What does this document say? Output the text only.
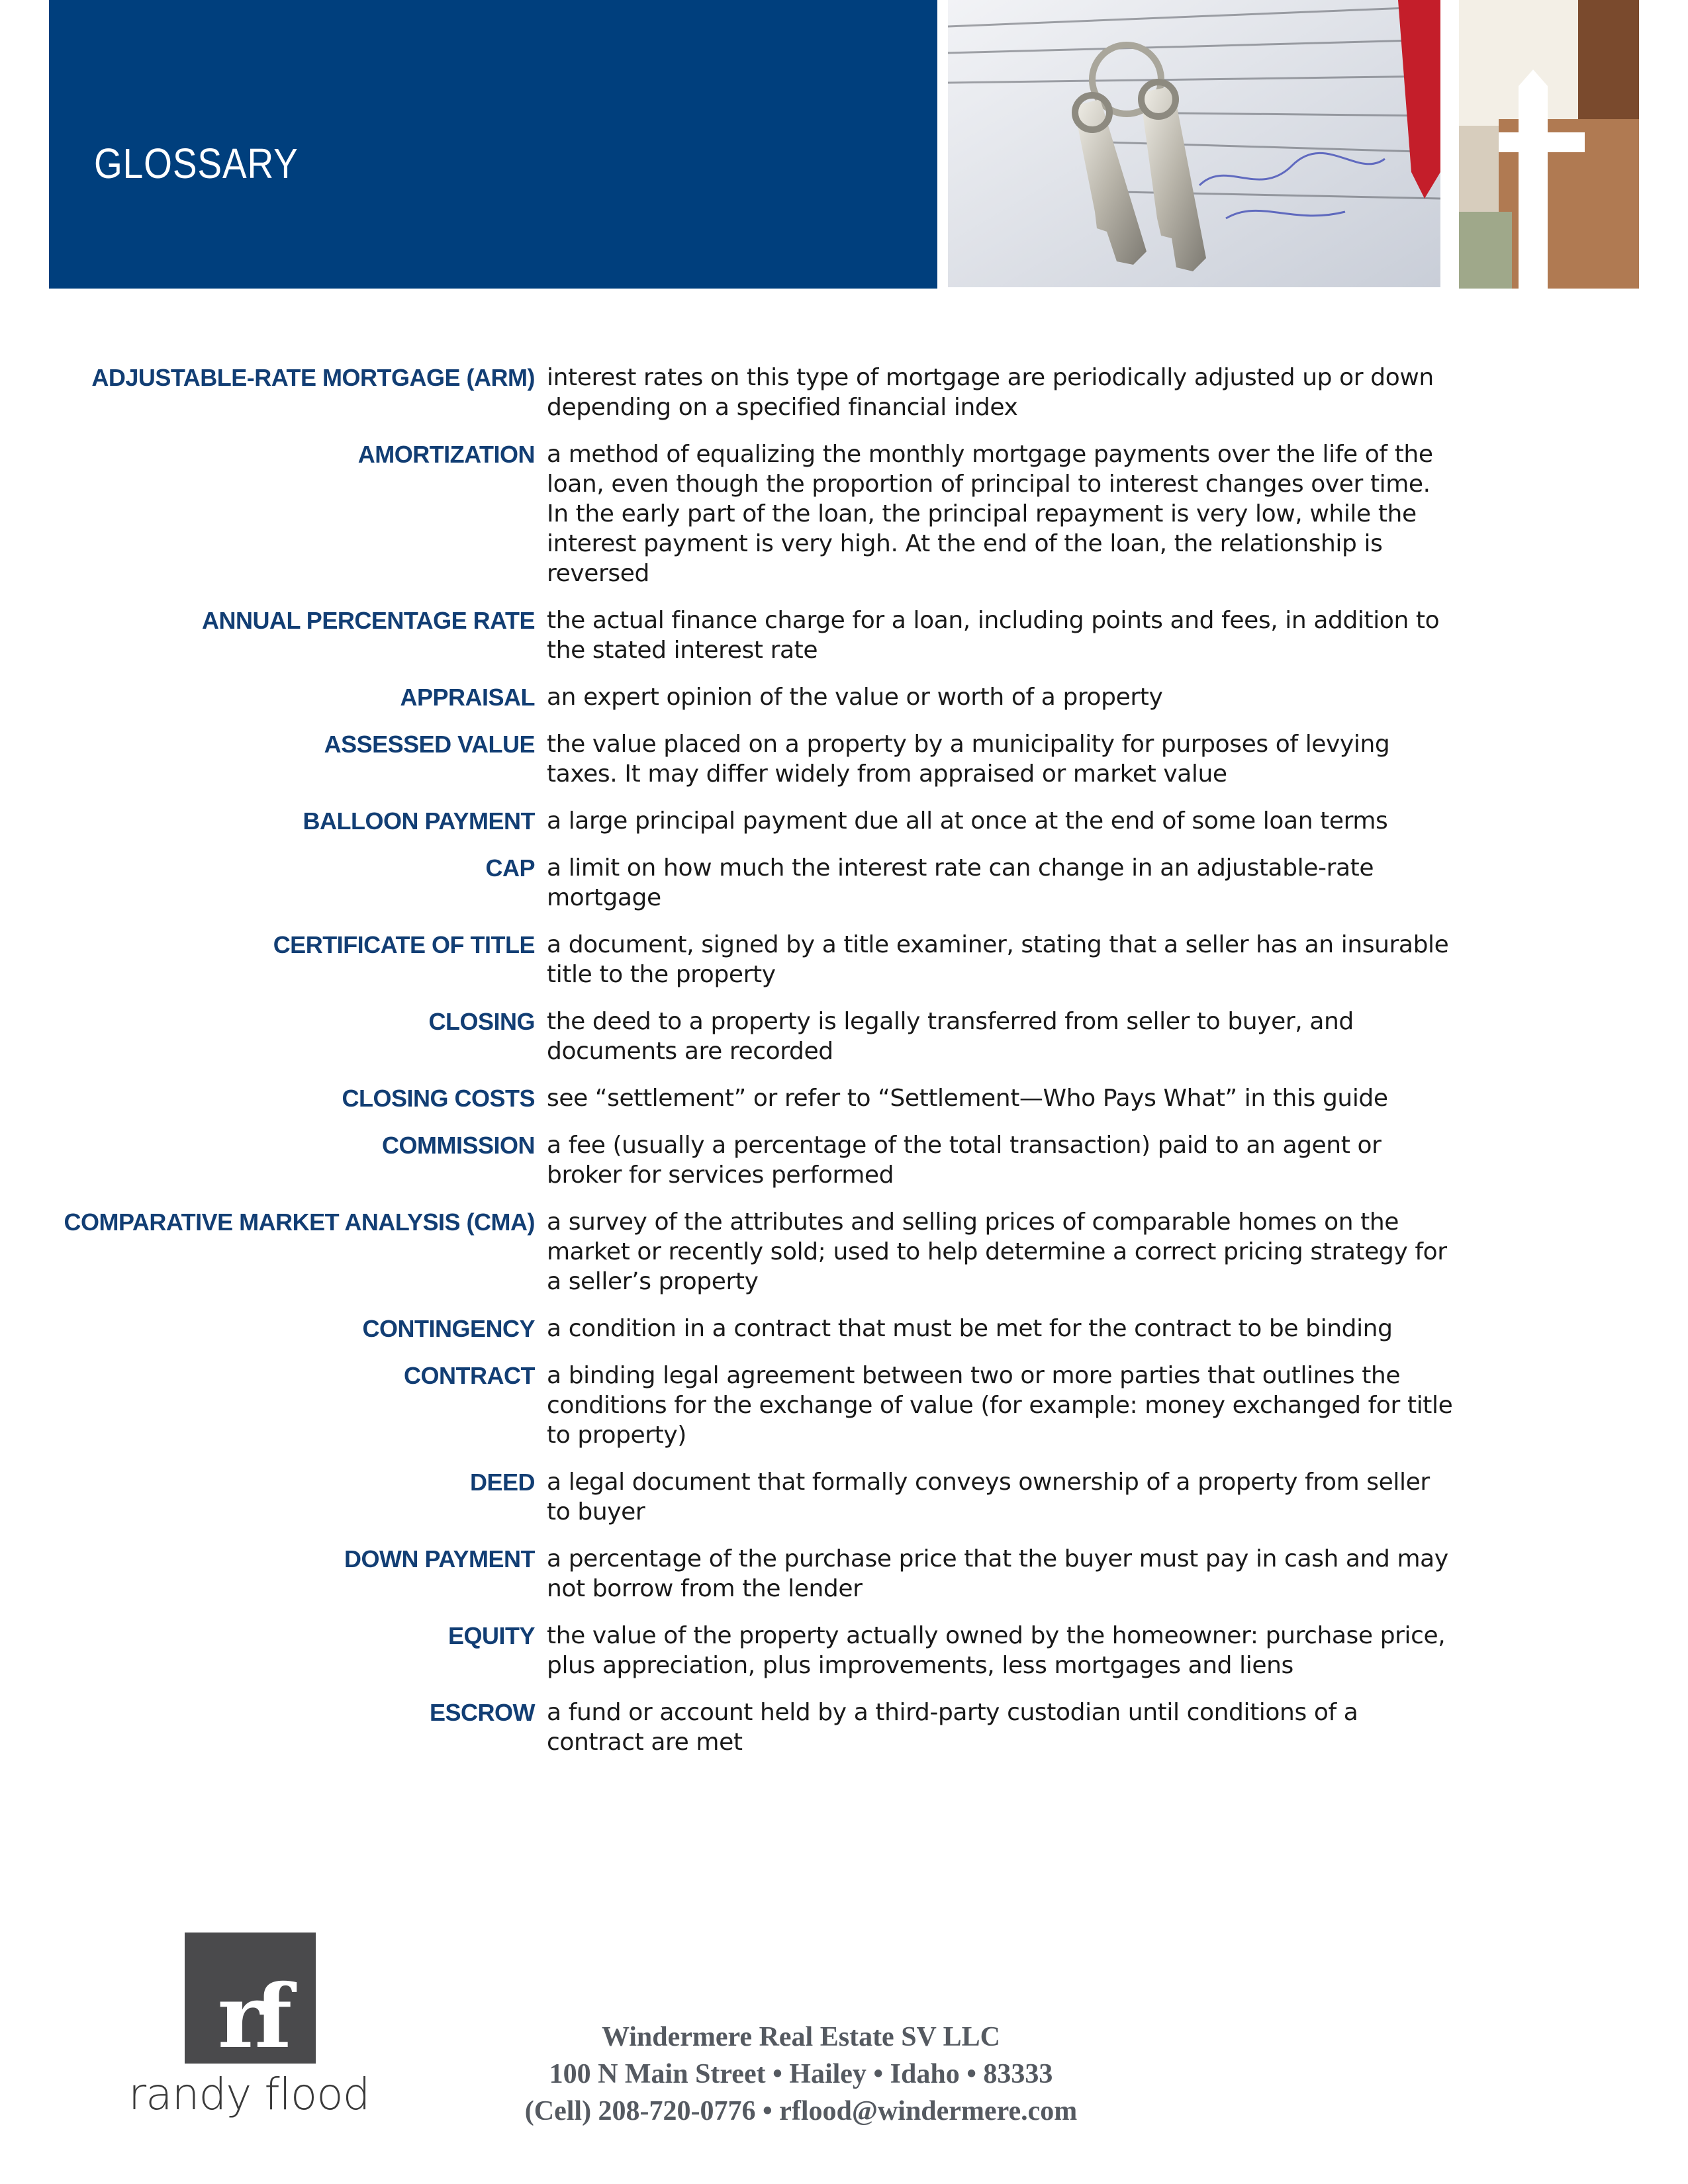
GLOSSARY
ADJUSTABLE-RATE MORTGAGE (ARM) interest rates on this type of mortgage are periodically adjusted up or down depending on a specified financial index
AMORTIZATION a method of equalizing the monthly mortgage payments over the life of the loan, even though the proportion of principal to interest changes over time. In the early part of the loan, the principal repayment is very low, while the interest payment is very high. At the end of the loan, the relationship is reversed
ANNUAL PERCENTAGE RATE the actual finance charge for a loan, including points and fees, in addition to the stated interest rate
APPRAISAL an expert opinion of the value or worth of a property
ASSESSED VALUE the value placed on a property by a municipality for purposes of levying taxes. It may differ widely from appraised or market value
BALLOON PAYMENT a large principal payment due all at once at the end of some loan terms
CAP a limit on how much the interest rate can change in an adjustable-rate mortgage
CERTIFICATE OF TITLE a document, signed by a title examiner, stating that a seller has an insurable title to the property
CLOSING the deed to a property is legally transferred from seller to buyer, and documents are recorded
CLOSING COSTS see “settlement” or refer to “Settlement—Who Pays What” in this guide
COMMISSION a fee (usually a percentage of the total transaction) paid to an agent or broker for services performed
COMPARATIVE MARKET ANALYSIS (CMA) a survey of the attributes and selling prices of comparable homes on the market or recently sold; used to help determine a correct pricing strategy for a seller’s property
CONTINGENCY a condition in a contract that must be met for the contract to be binding
CONTRACT a binding legal agreement between two or more parties that outlines the conditions for the exchange of value (for example: money exchanged for title to property)
DEED a legal document that formally conveys ownership of a property from seller to buyer
DOWN PAYMENT a percentage of the purchase price that the buyer must pay in cash and may not borrow from the lender
EQUITY the value of the property actually owned by the homeowner: purchase price, plus appreciation, plus improvements, less mortgages and liens
ESCROW a fund or account held by a third-party custodian until conditions of a contract are met
rf
randy flood
Windermere Real Estate SV LLC
100 N Main Street • Hailey • Idaho • 83333
(Cell) 208-720-0776 • rflood@windermere.com
